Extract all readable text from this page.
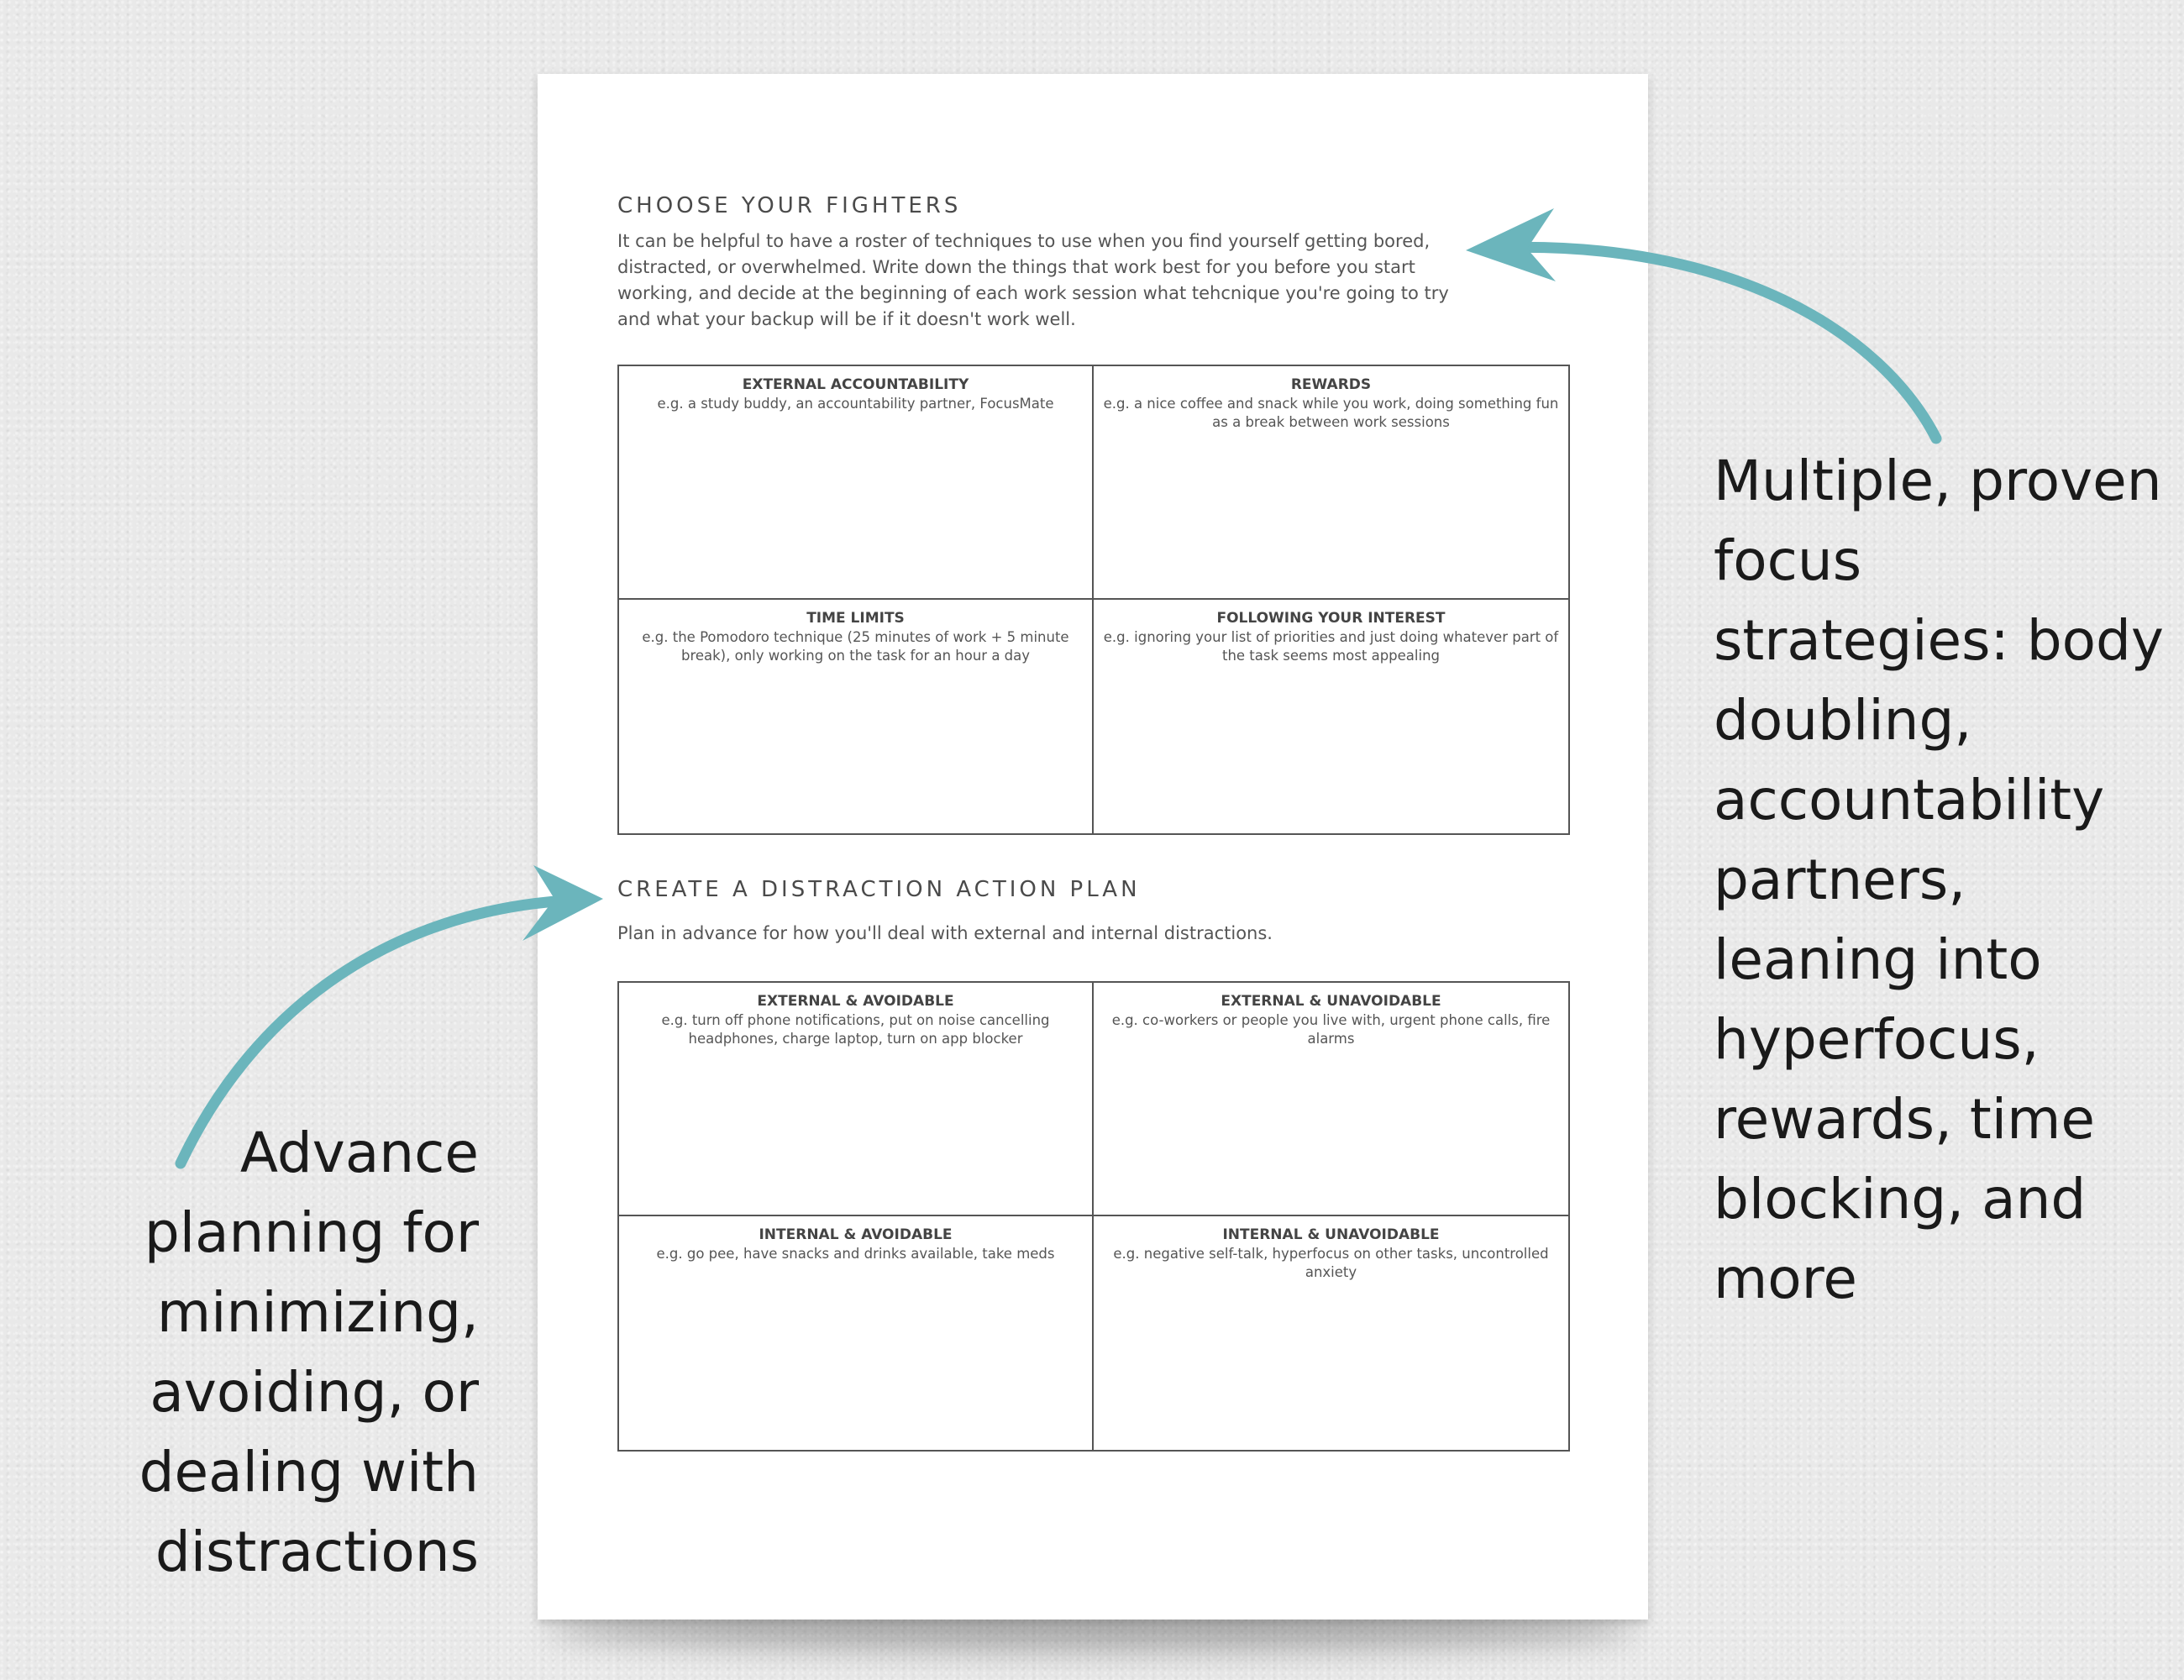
CHOOSE YOUR FIGHTERS

It can be helpful to have a roster of techniques to use when you find yourself getting bored, distracted, or overwhelmed. Write down the things that work best for you before you start working, and decide at the beginning of each work session what tehcnique you're going to try and what your backup will be if it doesn't work well.

EXTERNAL ACCOUNTABILITY
e.g. a study buddy, an accountability partner, FocusMate
REWARDS
e.g. a nice coffee and snack while you work, doing something fun as a break between work sessions
TIME LIMITS
e.g. the Pomodoro technique (25 minutes of work + 5 minute break), only working on the task for an hour a day
FOLLOWING YOUR INTEREST
e.g. ignoring your list of priorities and just doing whatever part of the task seems most appealing
CREATE A DISTRACTION ACTION PLAN

Plan in advance for how you'll deal with external and internal distractions.

EXTERNAL & AVOIDABLE
e.g. turn off phone notifications, put on noise cancelling headphones, charge laptop, turn on app blocker
EXTERNAL & UNAVOIDABLE
e.g. co-workers or people you live with, urgent phone calls, fire alarms
INTERNAL & AVOIDABLE
e.g. go pee, have snacks and drinks available, take meds
INTERNAL & UNAVOIDABLE
e.g. negative self-talk, hyperfocus on other tasks, uncontrolled anxiety

Multiple, proven focus strategies: body doubling, accountability partners, leaning into hyperfocus, rewards, time blocking, and more

Advance planning for minimizing, avoiding, or dealing with distractions
